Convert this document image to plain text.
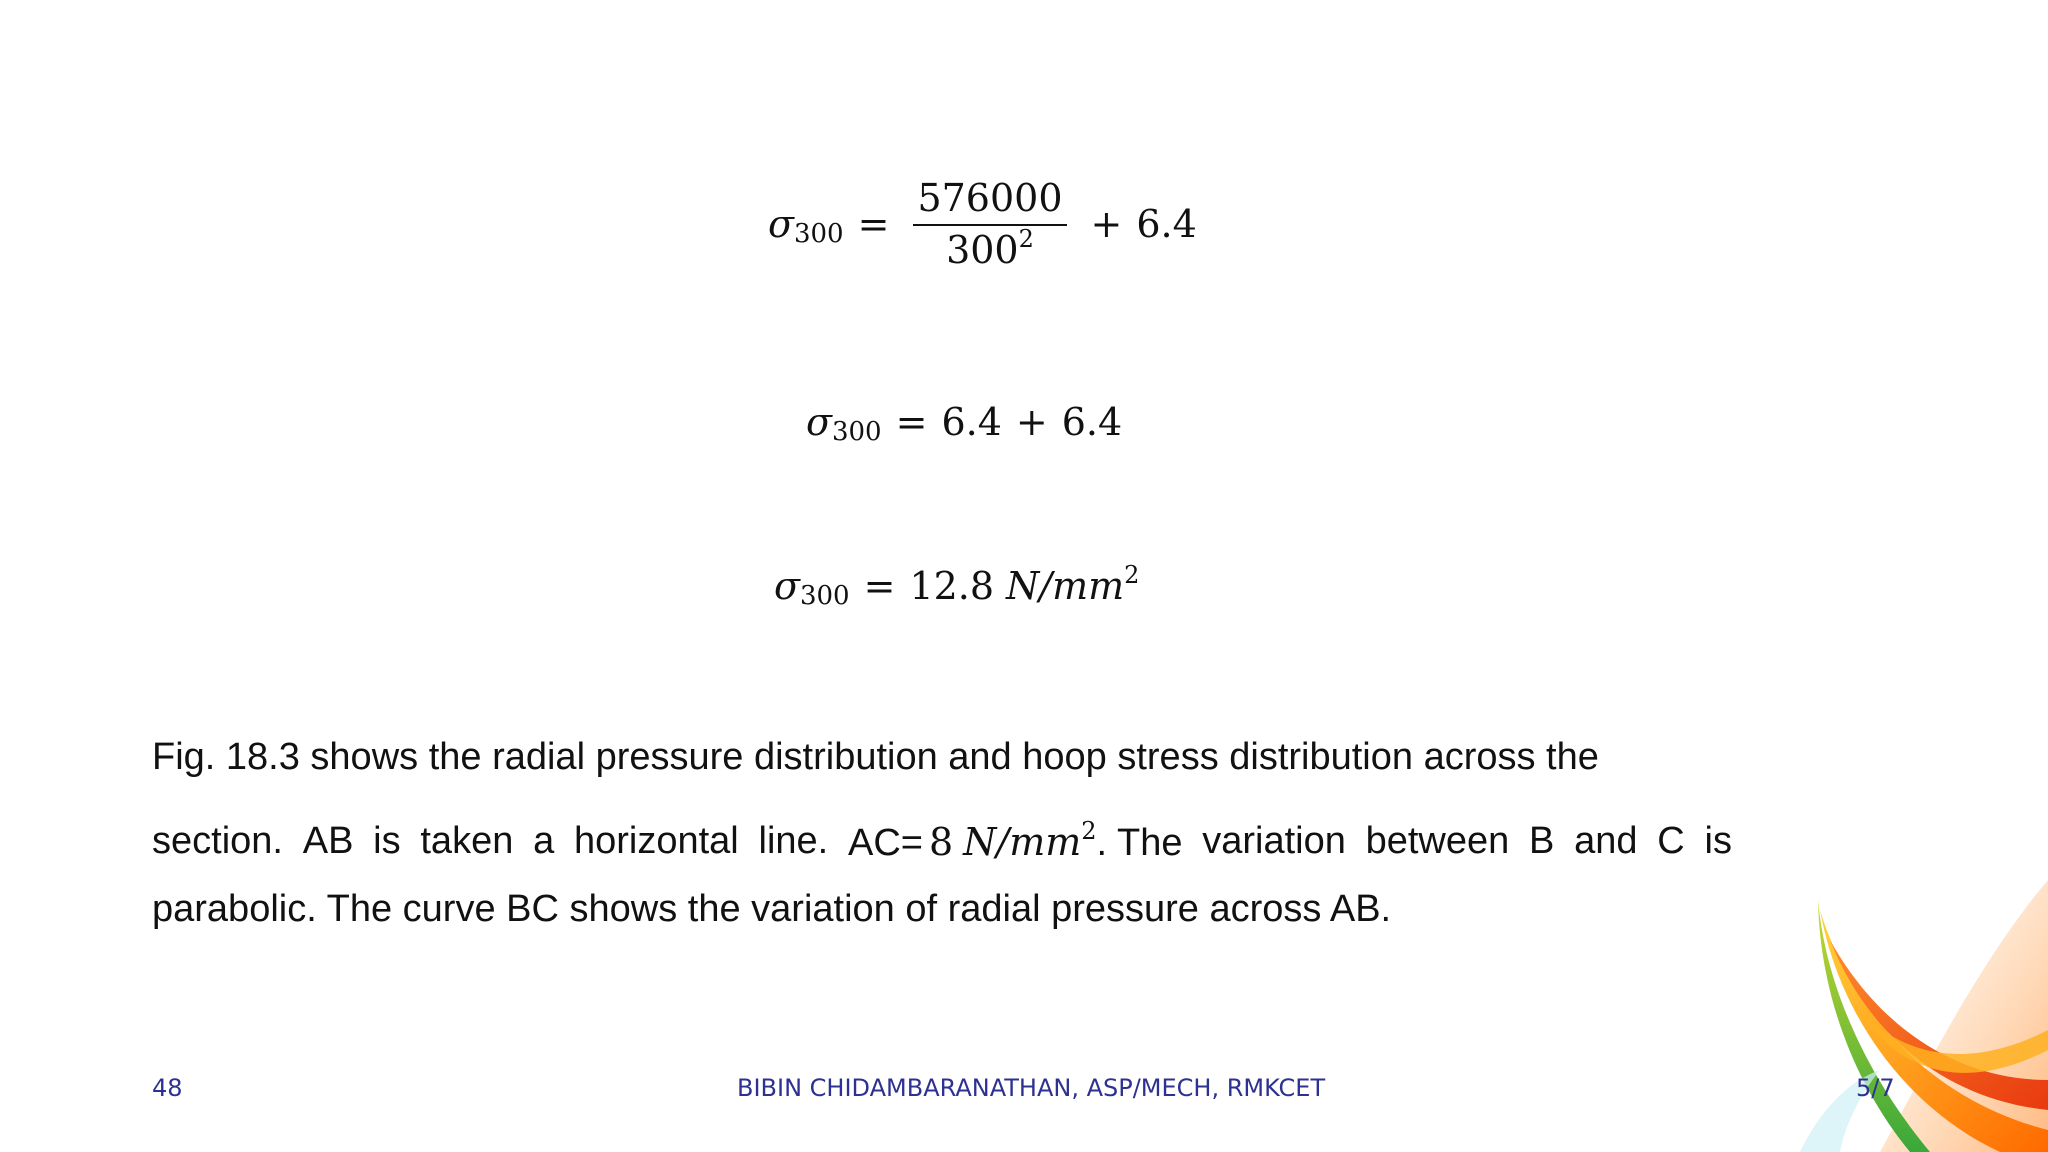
σ $300 = \frac{576000}{300^2} + 6.4$
σ 300 = 6.4 + 6.4
σ 300 = 12.8 $N/mm^2$
Fig. 18.3 shows the radial pressure distribution and hoop stress distribution across the
section. AB is taken a horizontal line. AC= 8 $N/mm^2$. The variation between B and C is
parabolic. The curve BC shows the variation of radial pressure across AB.
48	BIBIN CHIDAMBARANATHAN, ASP/MECH, RMKCET	5/7
